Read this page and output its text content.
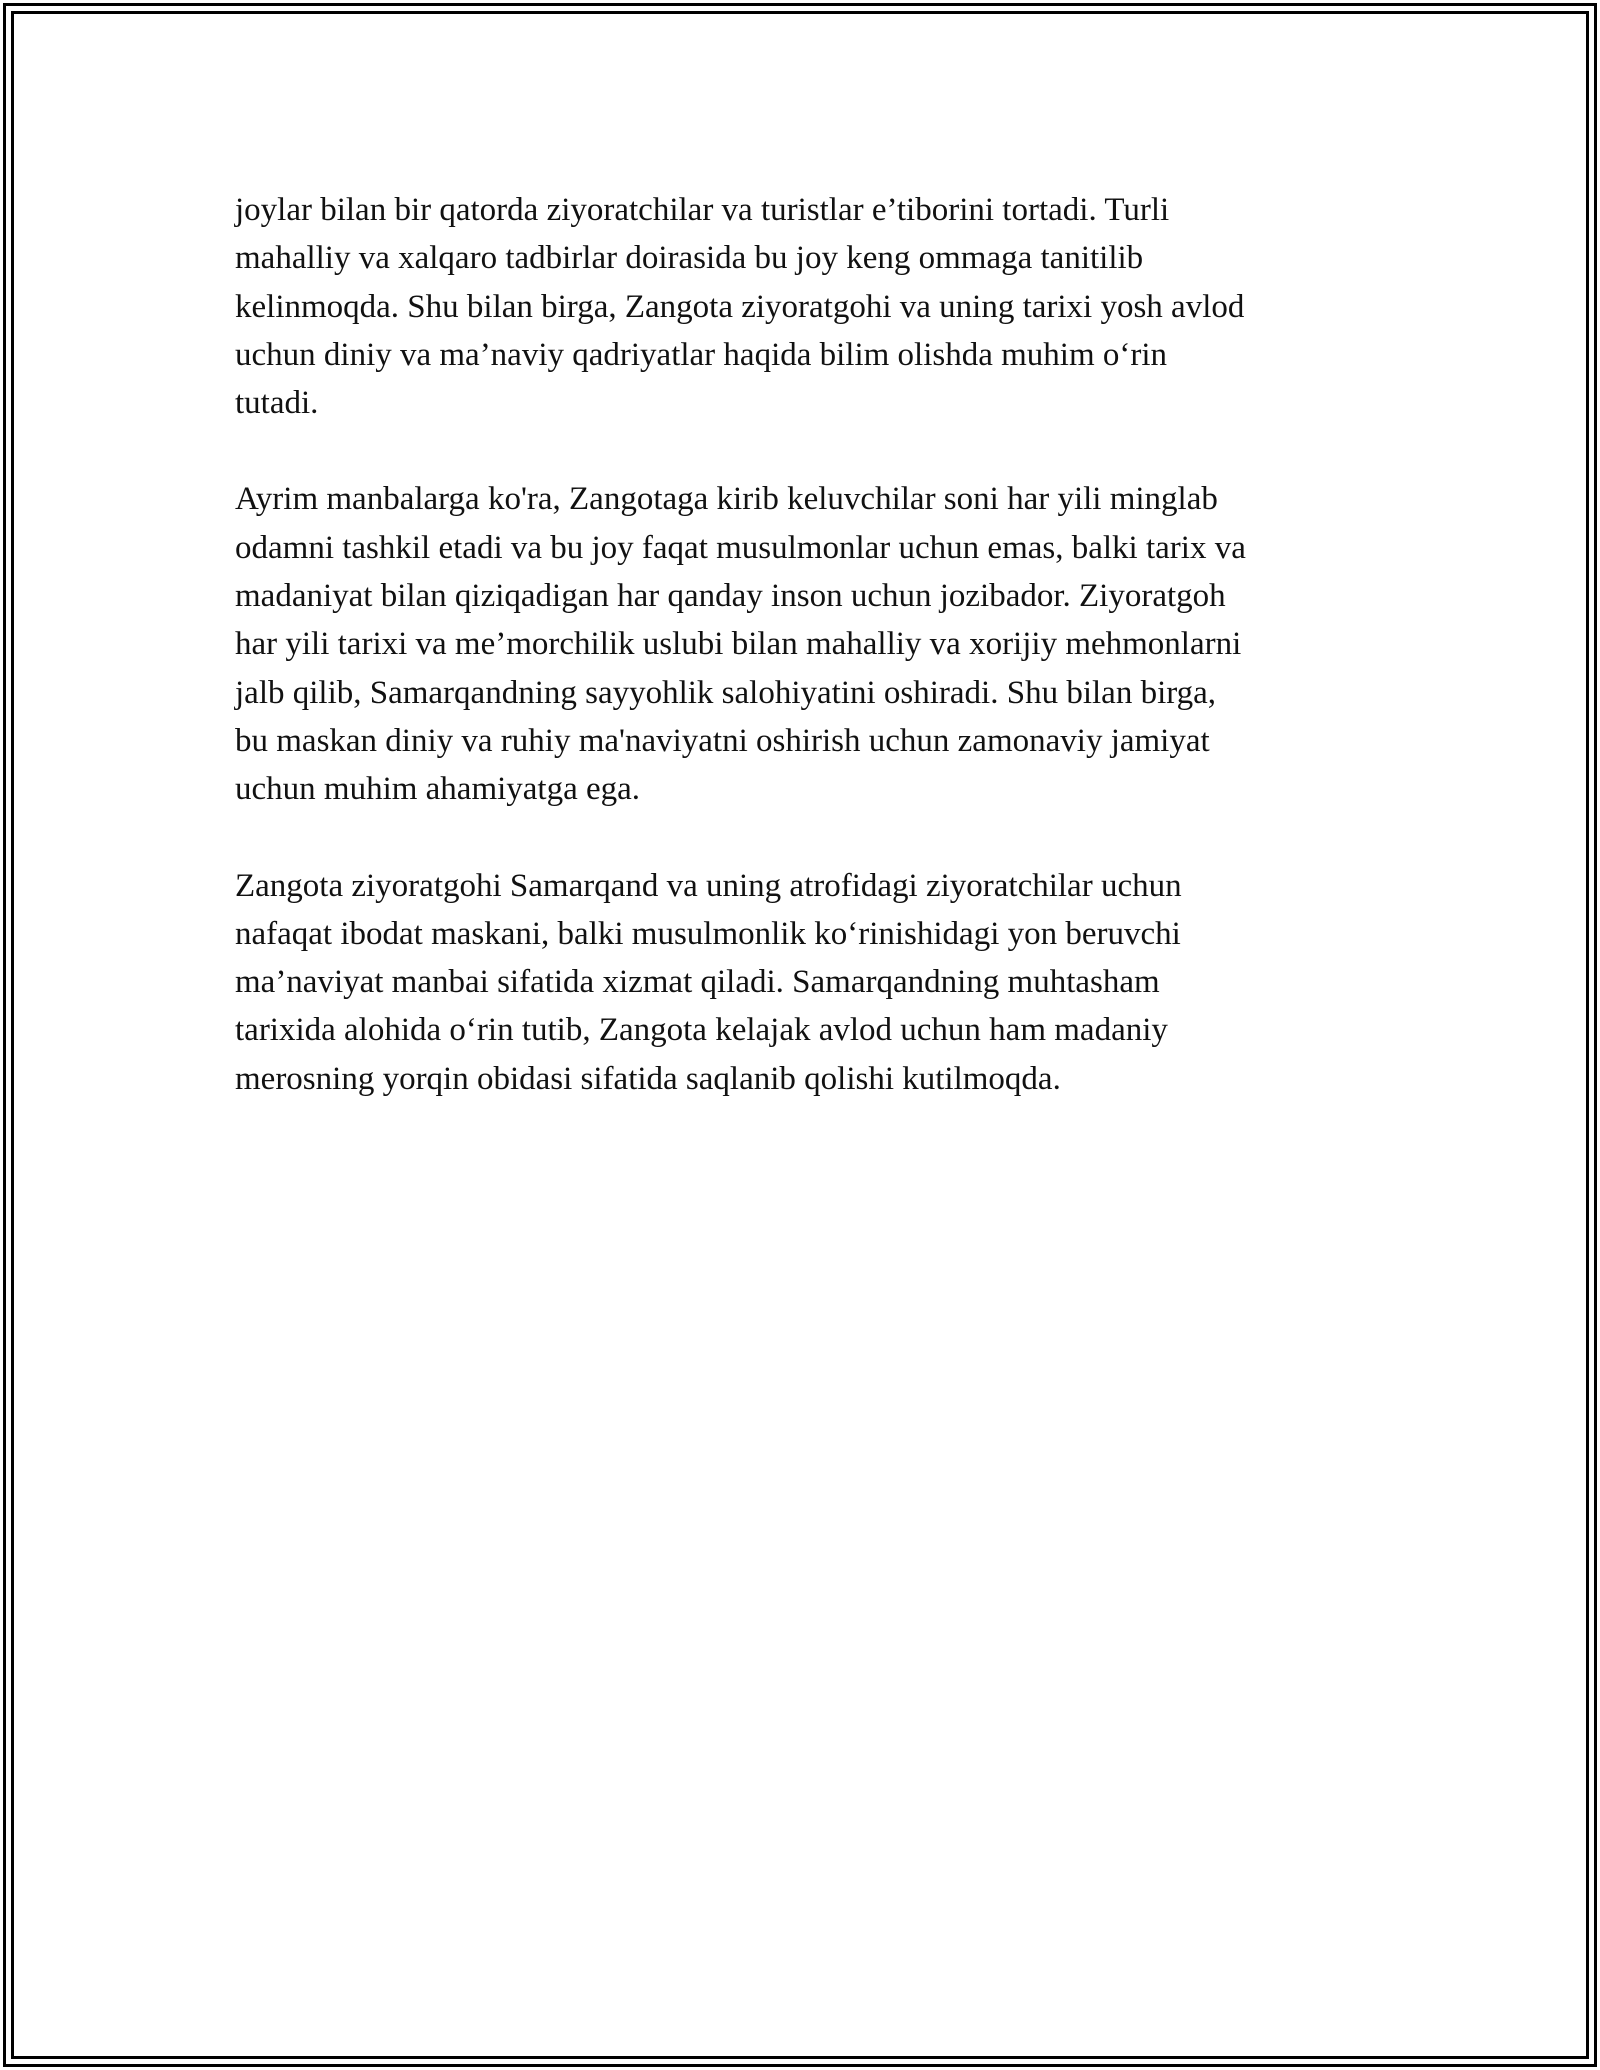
joylar bilan bir qatorda ziyoratchilar va turistlar e’tiborini tortadi. Turli
mahalliy va xalqaro tadbirlar doirasida bu joy keng ommaga tanitilib
kelinmoqda. Shu bilan birga, Zangota ziyoratgohi va uning tarixi yosh avlod
uchun diniy va ma’naviy qadriyatlar haqida bilim olishda muhim o‘rin
tutadi.

Ayrim manbalarga ko'ra, Zangotaga kirib keluvchilar soni har yili minglab
odamni tashkil etadi va bu joy faqat musulmonlar uchun emas, balki tarix va
madaniyat bilan qiziqadigan har qanday inson uchun jozibador. Ziyoratgoh
har yili tarixi va me’morchilik uslubi bilan mahalliy va xorijiy mehmonlarni
jalb qilib, Samarqandning sayyohlik salohiyatini oshiradi. Shu bilan birga,
bu maskan diniy va ruhiy ma'naviyatni oshirish uchun zamonaviy jamiyat
uchun muhim ahamiyatga ega.

Zangota ziyoratgohi Samarqand va uning atrofidagi ziyoratchilar uchun
nafaqat ibodat maskani, balki musulmonlik ko‘rinishidagi yon beruvchi
ma’naviyat manbai sifatida xizmat qiladi. Samarqandning muhtasham
tarixida alohida o‘rin tutib, Zangota kelajak avlod uchun ham madaniy
merosning yorqin obidasi sifatida saqlanib qolishi kutilmoqda.
